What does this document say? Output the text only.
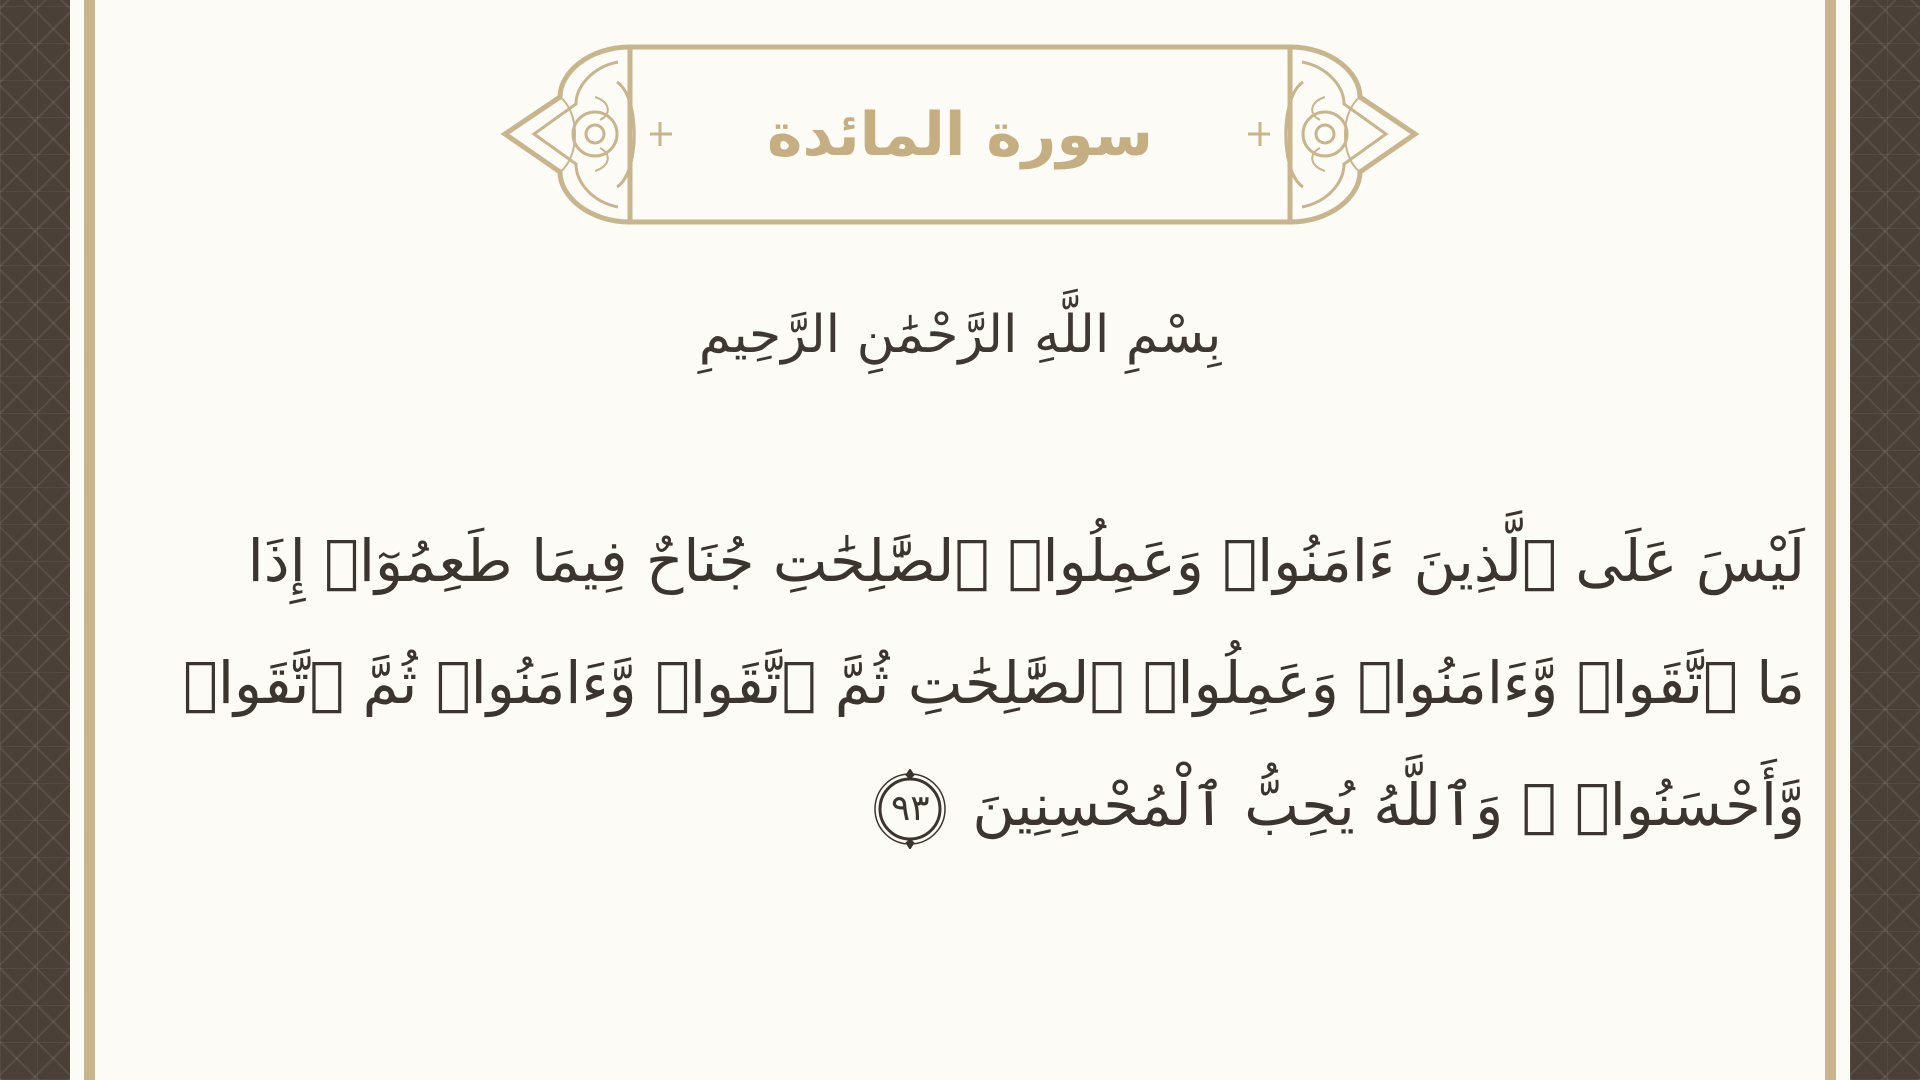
سورة المائدة
بِسْمِ اللَّهِ الرَّحْمَٰنِ الرَّحِيمِ
لَيْسَ عَلَى ٱلَّذِينَ ءَامَنُوا۟ وَعَمِلُوا۟ ٱلصَّٰلِحَٰتِ جُنَاحٌ فِيمَا طَعِمُوٓا۟ إِذَا
مَا ٱتَّقَوا۟ وَّءَامَنُوا۟ وَعَمِلُوا۟ ٱلصَّٰلِحَٰتِ ثُمَّ ٱتَّقَوا۟ وَّءَامَنُوا۟ ثُمَّ ٱتَّقَوا۟
وَّأَحْسَنُوا۟ ۗ وَٱللَّهُ يُحِبُّ ٱلْمُحْسِنِينَ
٩٣
